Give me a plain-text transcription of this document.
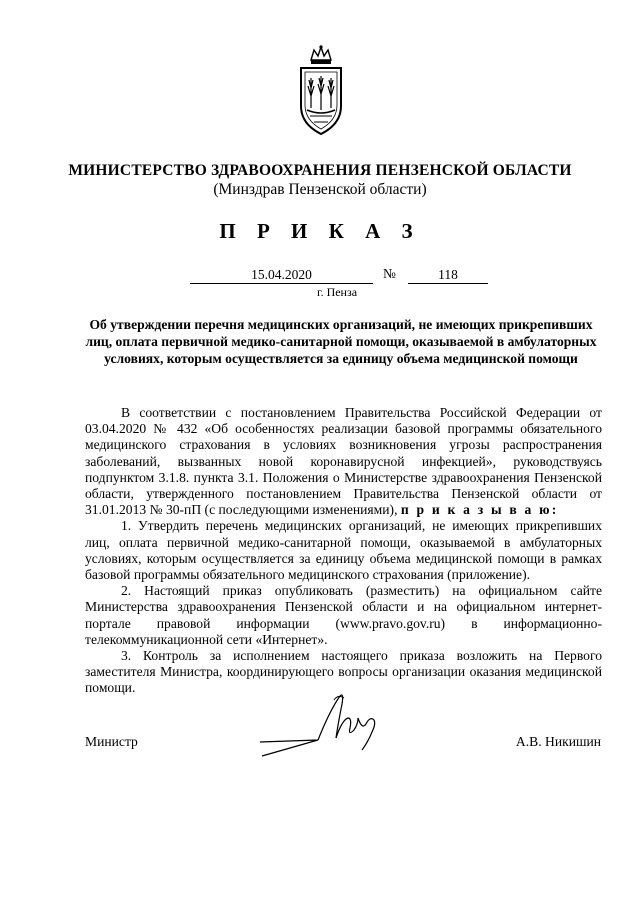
МИНИСТЕРСТВО ЗДРАВООХРАНЕНИЯ ПЕНЗЕНСКОЙ ОБЛАСТИ
(Минздрав Пензенской области)
П Р И К А З
15.04.2020	№	118
г. Пенза
Об утверждении перечня медицинских организаций, не имеющих прикрепивших лиц, оплата первичной медико-санитарной помощи, оказываемой в амбулаторных условиях, которым осуществляется за единицу объема медицинской помощи

В соответствии с постановлением Правительства Российской Федерации от 03.04.2020 № 432 «Об особенностях реализации базовой программы обязательного медицинского страхования в условиях возникновения угрозы распространения заболеваний, вызванных новой коронавирусной инфекцией», руководствуясь подпунктом 3.1.8. пункта 3.1. Положения о Министерстве здравоохранения Пензенской области, утвержденного постановлением Правительства Пензенской области от 31.01.2013 № 30-пП (с последующими изменениями), п р и к а з ы в а ю:

1. Утвердить перечень медицинских организаций, не имеющих прикрепивших лиц, оплата первичной медико-санитарной помощи, оказываемой в амбулаторных условиях, которым осуществляется за единицу объема медицинской помощи в рамках базовой программы обязательного медицинского страхования (приложение).

2. Настоящий приказ опубликовать (разместить) на официальном сайте Министерства здравоохранения Пензенской области и на официальном интернет-портале правовой информации (www.pravo.gov.ru) в информационно-телекоммуникационной сети «Интернет».

3. Контроль за исполнением настоящего приказа возложить на Первого заместителя Министра, координирующего вопросы организации оказания медицинской помощи.

Министр	А.В. Никишин
